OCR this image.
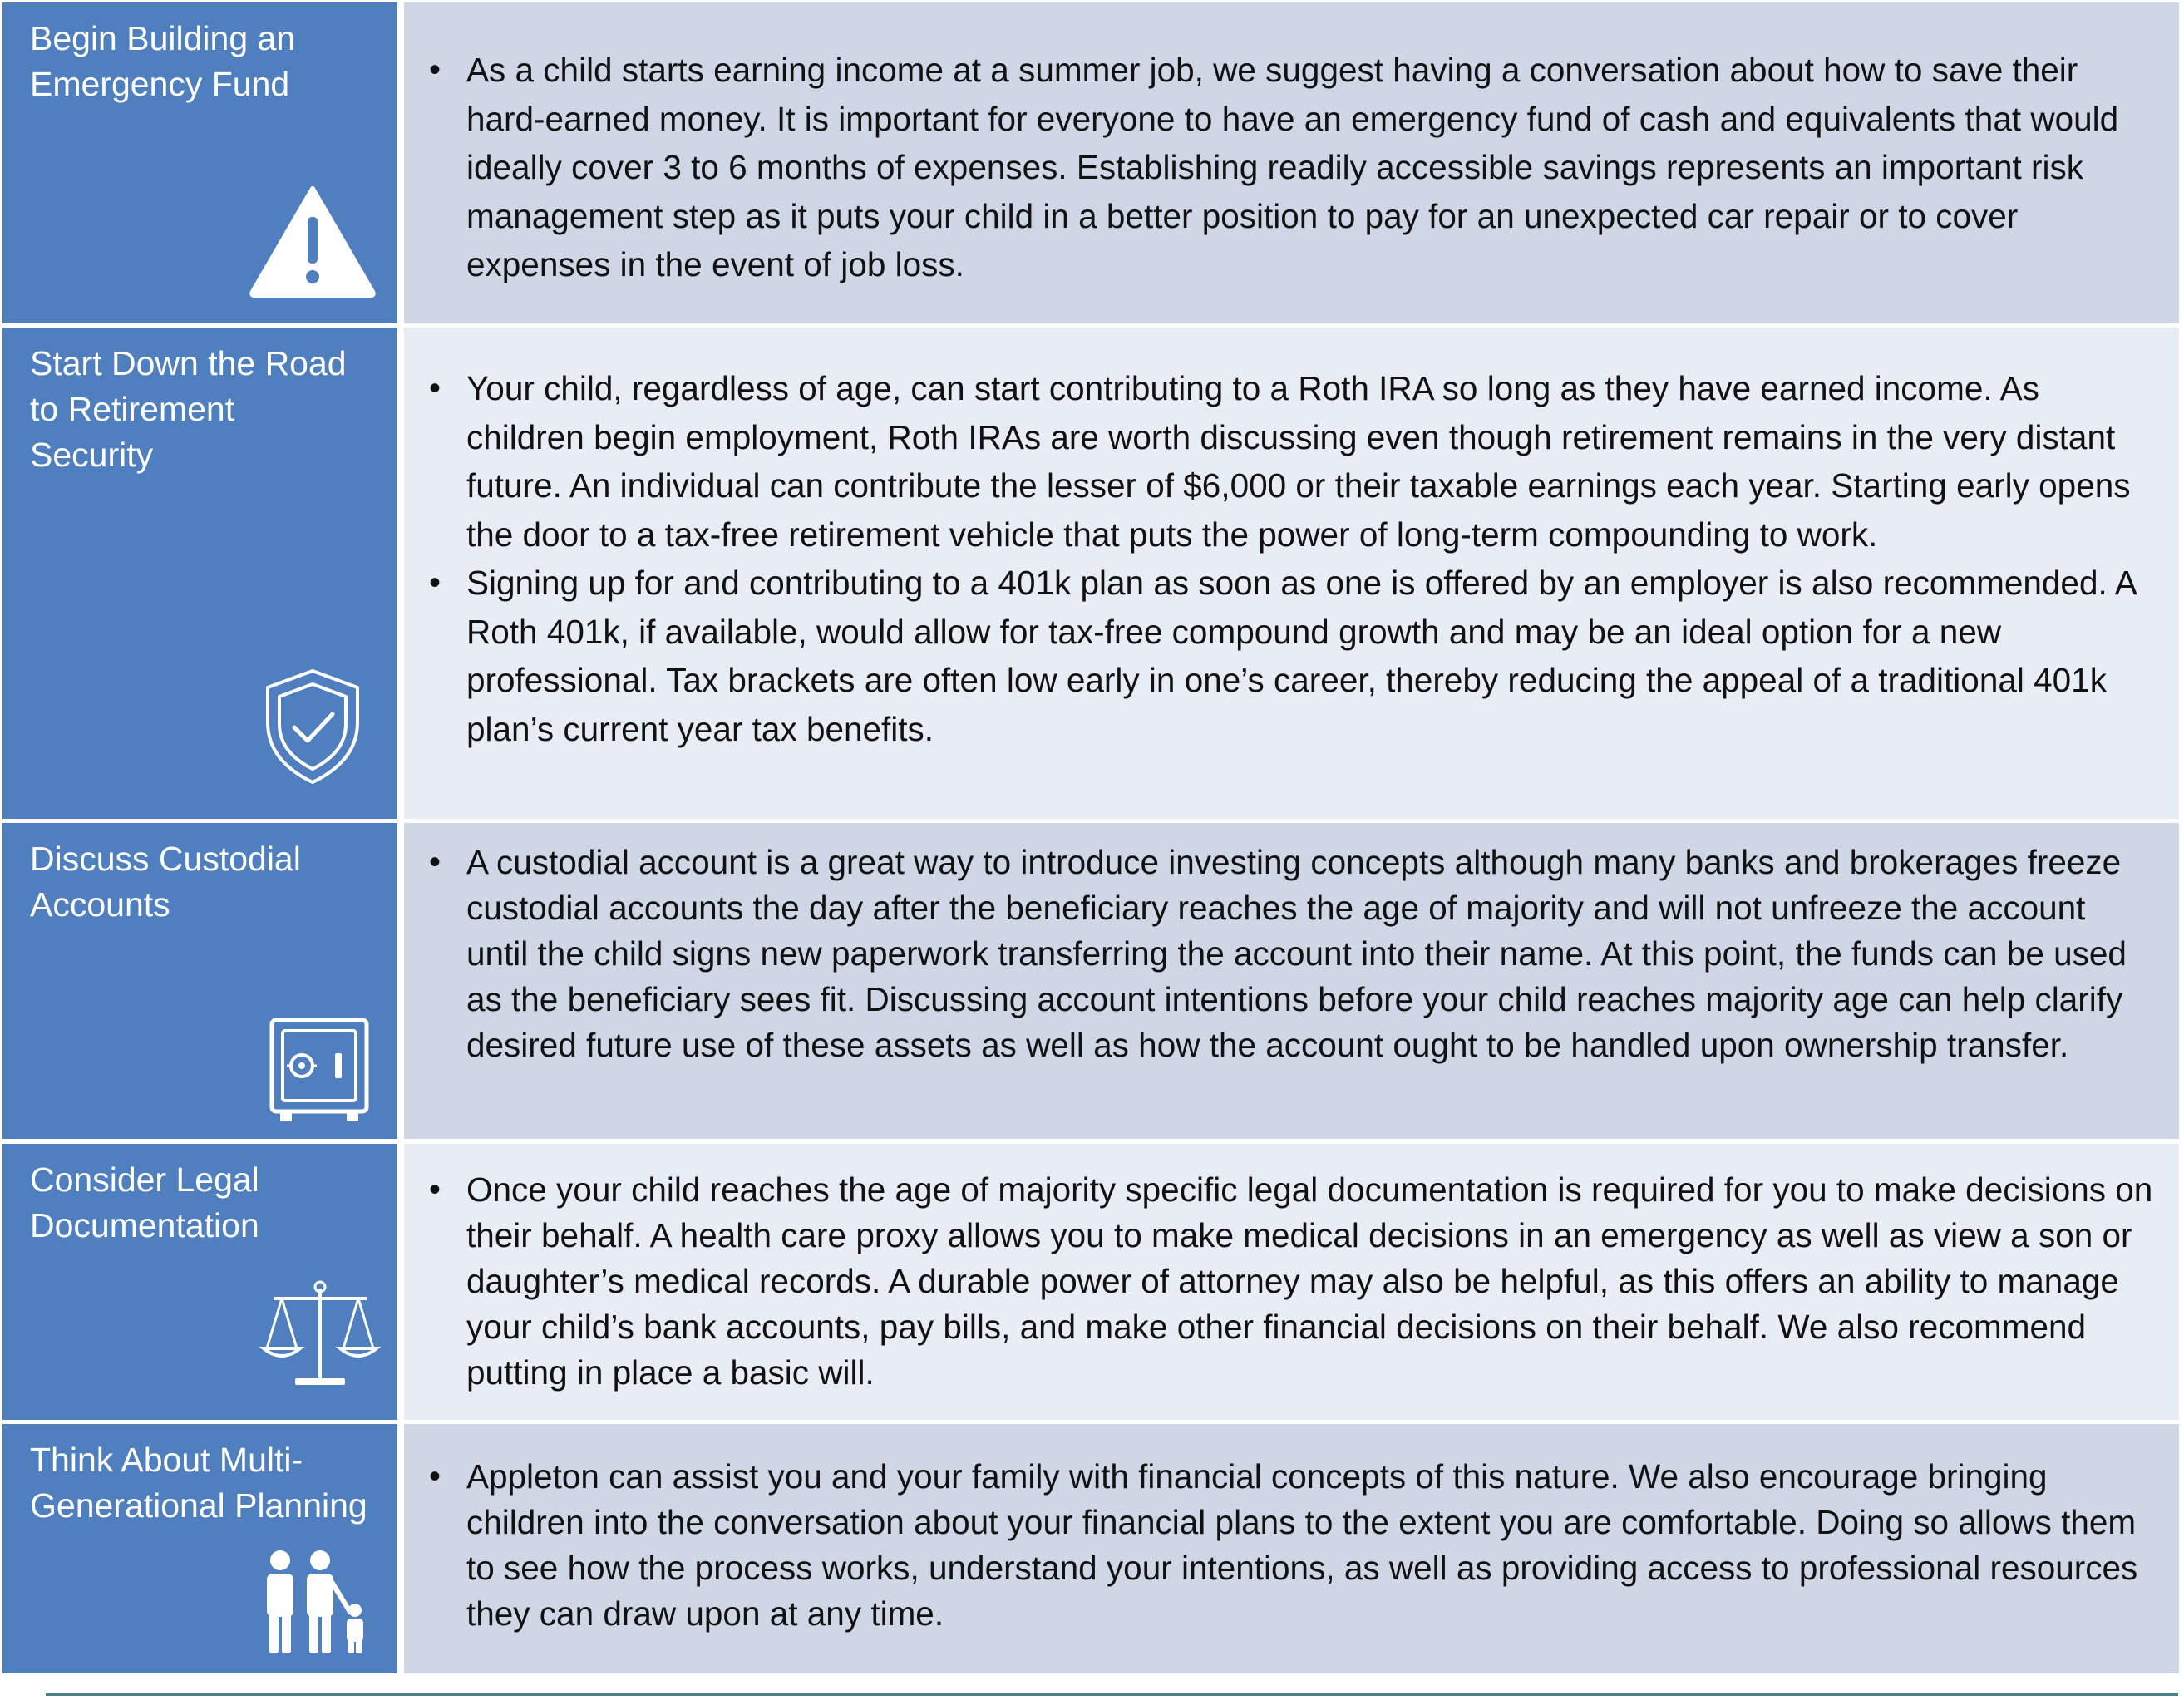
Begin Building an
Emergency Fund
•	As a child starts earning income at a summer job, we suggest having a conversation about how to save their hard-earned money. It is important for everyone to have an emergency fund of cash and equivalents that would ideally cover 3 to 6 months of expenses. Establishing readily accessible savings represents an important risk management step as it puts your child in a better position to pay for an unexpected car repair or to cover expenses in the event of job loss.
Start Down the Road
to Retirement
Security
• Your child, regardless of age, can start contributing to a Roth IRA so long as they have earned income. As children begin employment, Roth IRAs are worth discussing even though retirement remains in the very distant future. An individual can contribute the lesser of $6,000 or their taxable earnings each year. Starting early opens the door to a tax-free retirement vehicle that puts the power of long-term compounding to work.
• Signing up for and contributing to a 401k plan as soon as one is offered by an employer is also recommended. A Roth 401k, if available, would allow for tax-free compound growth and may be an ideal option for a new professional. Tax brackets are often low early in one’s career, thereby reducing the appeal of a traditional 401k plan’s current year tax benefits.
Discuss Custodial
Accounts
• A custodial account is a great way to introduce investing concepts although many banks and brokerages freeze custodial accounts the day after the beneficiary reaches the age of majority and will not unfreeze the account until the child signs new paperwork transferring the account into their name. At this point, the funds can be used as the beneficiary sees fit. Discussing account intentions before your child reaches majority age can help clarify desired future use of these assets as well as how the account ought to be handled upon ownership transfer.
Consider Legal
Documentation
• Once your child reaches the age of majority specific legal documentation is required for you to make decisions on their behalf. A health care proxy allows you to make medical decisions in an emergency as well as view a son or daughter’s medical records. A durable power of attorney may also be helpful, as this offers an ability to manage your child’s bank accounts, pay bills, and make other financial decisions on their behalf. We also recommend putting in place a basic will.
Think About Multi-
Generational Planning
• Appleton can assist you and your family with financial concepts of this nature. We also encourage bringing children into the conversation about your financial plans to the extent you are comfortable. Doing so allows them to see how the process works, understand your intentions, as well as providing access to professional resources they can draw upon at any time.
